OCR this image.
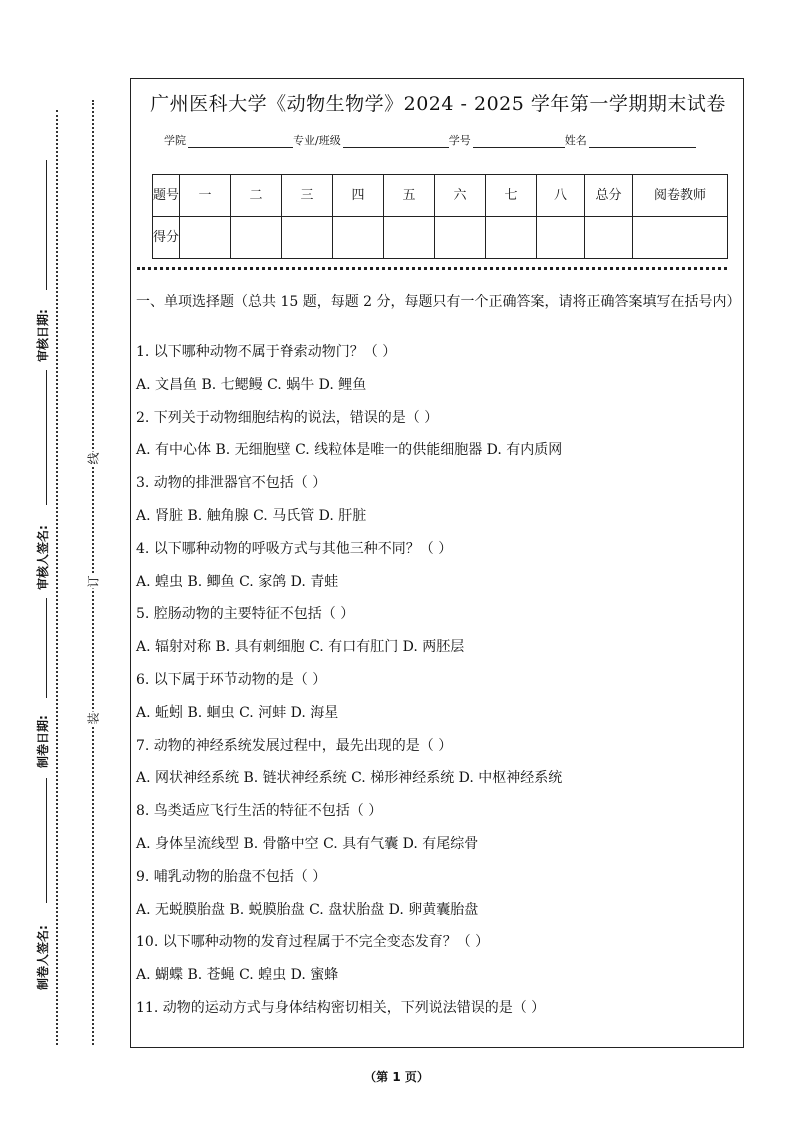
审核日期:
审核人签名:
制卷日期:
制卷人签名:
线
订
装
广州医科大学《动物生物学》2024 - 2025 学年第一学期期末试卷
学院	专业/班级	学号	姓名
题号	一	二	三	四	五	六	七	八	总分	阅卷教师
得分										
一、单项选择题（总共 15 题，每题 2 分，每题只有一个正确答案，请将正确答案填写在括号内）
1. 以下哪种动物不属于脊索动物门？（ ）
A. 文昌鱼 B. 七鳃鳗 C. 蜗牛 D. 鲤鱼
2. 下列关于动物细胞结构的说法，错误的是（ ）
A. 有中心体 B. 无细胞壁 C. 线粒体是唯一的供能细胞器 D. 有内质网
3. 动物的排泄器官不包括（ ）
A. 肾脏 B. 触角腺 C. 马氏管 D. 肝脏
4. 以下哪种动物的呼吸方式与其他三种不同？（ ）
A. 蝗虫 B. 鲫鱼 C. 家鸽 D. 青蛙
5. 腔肠动物的主要特征不包括（ ）
A. 辐射对称 B. 具有刺细胞 C. 有口有肛门 D. 两胚层
6. 以下属于环节动物的是（ ）
A. 蚯蚓 B. 蛔虫 C. 河蚌 D. 海星
7. 动物的神经系统发展过程中，最先出现的是（ ）
A. 网状神经系统 B. 链状神经系统 C. 梯形神经系统 D. 中枢神经系统
8. 鸟类适应飞行生活的特征不包括（ ）
A. 身体呈流线型 B. 骨骼中空 C. 具有气囊 D. 有尾综骨
9. 哺乳动物的胎盘不包括（ ）
A. 无蜕膜胎盘 B. 蜕膜胎盘 C. 盘状胎盘 D. 卵黄囊胎盘
10. 以下哪种动物的发育过程属于不完全变态发育？（ ）
A. 蝴蝶 B. 苍蝇 C. 蝗虫 D. 蜜蜂
11. 动物的运动方式与身体结构密切相关，下列说法错误的是（ ）
（第 1 页）
